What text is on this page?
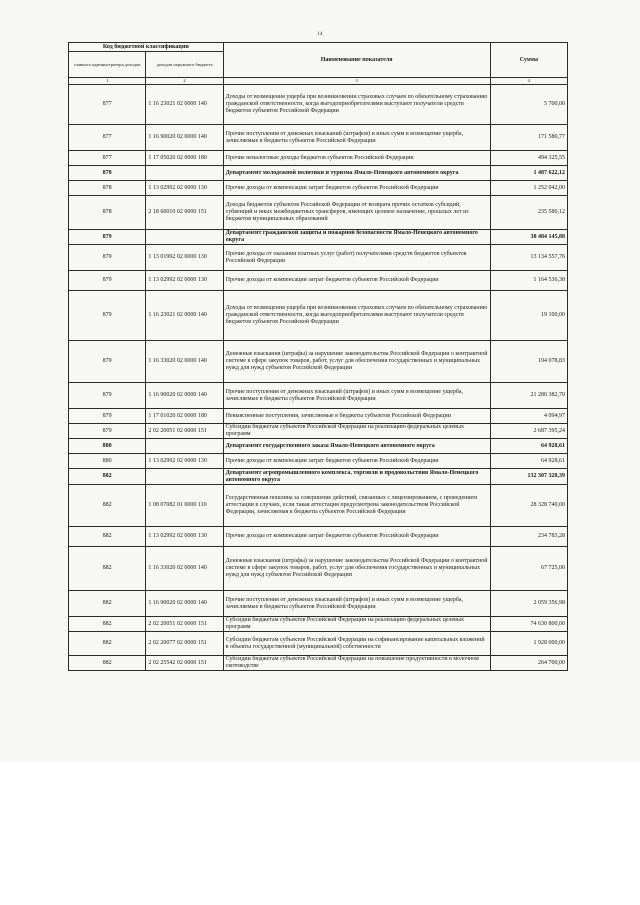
14
Код бюджетной классификации		Наименование показателя	Сумма
главного администратора доходов	доходов окружного бюджета		
1	2	3	4
877	1 16 23021 02 0000 140	Доходы от возмещения ущерба при возникновении страховых случаев по обязательному страхованию гражданской ответственности, когда выгодоприобретателями выступают получатели средств бюджетов субъектов Российской Федерации	5 700,00
877	1 16 90020 02 0000 140	Прочие поступления от денежных взысканий (штрафов) и иных сумм в возмещение ущерба, зачисляемые в бюджеты субъектов Российской Федерации	171 580,77
877	1 17 05020 02 0000 180	Прочие неналоговые доходы бюджетов субъектов Российской Федерации	494 325,55
878		Департамент молодежной политики и туризма Ямало-Ненецкого автономного округа	1 487 622,12
878	1 13 02992 02 0000 130	Прочие доходы от компенсации затрат бюджетов субъектов Российской Федерации	1 252 042,00
878	2 18 60010 02 0000 151	Доходы бюджетов субъектов Российской Федерации от возврата прочих остатков субсидий, субвенций и иных межбюджетных трансферов, имеющих целевое назначение, прошлых лет из бюджетов муниципальных образований	235 580,12
879		Департамент гражданской защиты и пожарной безопасности Ямало-Ненецкого автономного округа	38 484 145,88
879	1 13 01992 02 0000 130	Прочие доходы от оказания платных услуг (работ) получателями средств бюджетов субъектов Российской Федерации	13 134 557,76
879	1 13 02992 02 0000 130	Прочие доходы от компенсации затрат бюджетов субъектов Российской Федерации	1 164 536,38
879	1 16 23021 02 0000 140	Доходы от возмещения ущерба при возникновении страховых случаев по обязательному страхованию гражданской ответственности, когда выгодоприобретателями выступают получатели средств бюджетов субъектов Российской Федерации	19 100,00
879	1 16 33020 02 0000 140	Денежные взыскания (штрафы) за нарушение законодательства Российской Федерации о контрактной системе в сфере закупок товаров, работ, услуг для обеспечения государственных и муниципальных нужд для нужд субъектов Российской Федерации	194 078,83
879	1 16 90020 02 0000 140	Прочие поступления от денежных взысканий (штрафов) и иных сумм в возмещение ущерба, зачисляемые в бюджеты субъектов Российской Федерации	21 280 382,70
879	1 17 01020 02 0000 180	Невыясненные поступления, зачисляемые в бюджеты субъектов Российской Федерации	4 094,97
879	2 02 20051 02 0000 151	Субсидии бюджетам субъектов Российской Федерации на реализацию федеральных целевых программ	2 687 395,24
880		Департамент государственного заказа Ямало-Ненецкого автономного округа	64 928,61
880	1 13 02992 02 0000 130	Прочие доходы от компенсации затрат бюджетов субъектов Российской Федерации	64 928,61
882		Департамент агропромышленного комплекса, торговли и продовольствия Ямало-Ненецкого автономного округа	132 307 328,39
882	1 08 07082 01 0000 110	Государственная пошлина за совершение действий, связанных с лицензированием, с проведением аттестации в случаях, если такая аттестация предусмотрена законодательством Российской Федерации, зачисляемая в бюджеты субъектов Российской Федерации	28 328 740,00
882	1 13 02992 02 0000 130	Прочие доходы от компенсации затрат бюджетов субъектов Российской Федерации	234 783,28
882	1 16 33020 02 0000 140	Денежные взыскания (штрафы) за нарушение законодательства Российской Федерации о контрактной системе в сфере закупок товаров, работ, услуг для обеспечения государственных и муниципальных нужд для нужд субъектов Российской Федерации	67 725,00
882	1 16 90020 02 0000 140	Прочие поступления от денежных взысканий (штрафов) и иных сумм в возмещение ущерба, зачисляемые в бюджеты субъектов Российской Федерации	2 059 356,98
882	2 02 20051 02 0000 151	Субсидии бюджетам субъектов Российской Федерации на реализацию федеральных целевых программ	74 630 800,00
882	2 02 20077 02 0000 151	Субсидии бюджетам субъектов Российской Федерации на софинансирование капитальных вложений в объекты государственной (муниципальной) собственности	1 928 000,00
882	2 02 25542 02 0000 151	Субсидии бюджетам субъектов Российской Федерации на повышение продуктивности в молочном скотоводстве	264 700,00
